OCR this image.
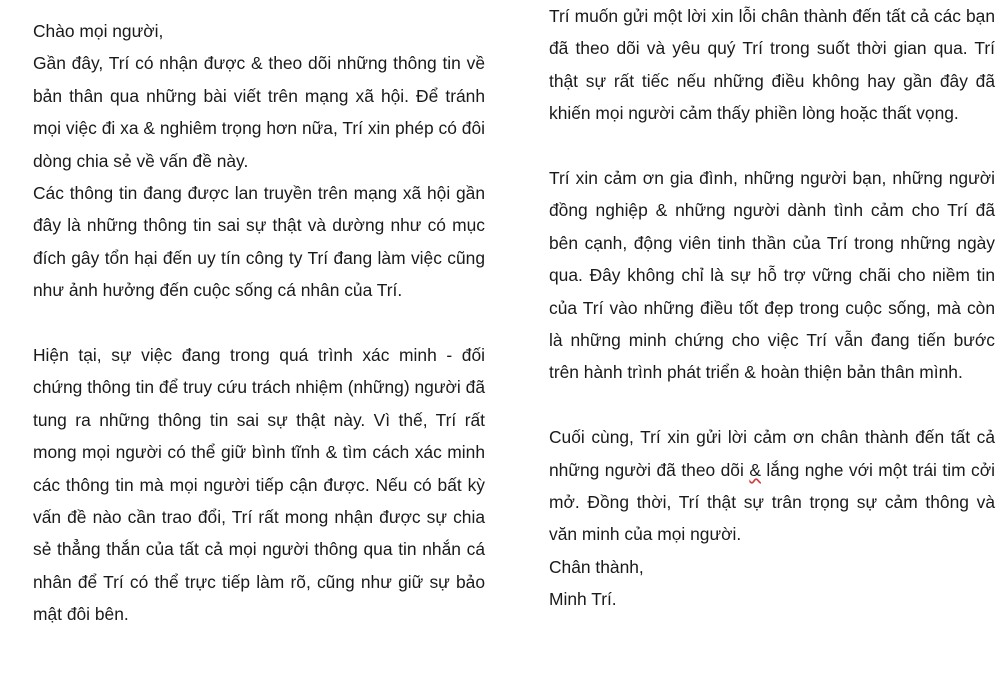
Chào mọi người,

Gần đây, Trí có nhận được & theo dõi những thông tin về bản thân qua những bài viết trên mạng xã hội. Để tránh mọi việc đi xa & nghiêm trọng hơn nữa, Trí xin phép có đôi dòng chia sẻ về vấn đề này.

Các thông tin đang được lan truyền trên mạng xã hội gần đây là những thông tin sai sự thật và dường như có mục đích gây tổn hại đến uy tín công ty Trí đang làm việc cũng như ảnh hưởng đến cuộc sống cá nhân của Trí.

Hiện tại, sự việc đang trong quá trình xác minh - đối chứng thông tin để truy cứu trách nhiệm (những) người đã tung ra những thông tin sai sự thật này. Vì thế, Trí rất mong mọi người có thể giữ bình tĩnh & tìm cách xác minh các thông tin mà mọi người tiếp cận được. Nếu có bất kỳ vấn đề nào cần trao đổi, Trí rất mong nhận được sự chia sẻ thẳng thắn của tất cả mọi người thông qua tin nhắn cá nhân để Trí có thể trực tiếp làm rõ, cũng như giữ sự bảo mật đôi bên.

Trí muốn gửi một lời xin lỗi chân thành đến tất cả các bạn đã theo dõi và yêu quý Trí trong suốt thời gian qua. Trí thật sự rất tiếc nếu những điều không hay gần đây đã khiến mọi người cảm thấy phiền lòng hoặc thất vọng.

Trí xin cảm ơn gia đình, những người bạn, những người đồng nghiệp & những người dành tình cảm cho Trí đã bên cạnh, động viên tinh thần của Trí trong những ngày qua. Đây không chỉ là sự hỗ trợ vững chãi cho niềm tin của Trí vào những điều tốt đẹp trong cuộc sống, mà còn là những minh chứng cho việc Trí vẫn đang tiến bước trên hành trình phát triển & hoàn thiện bản thân mình.

Cuối cùng, Trí xin gửi lời cảm ơn chân thành đến tất cả những người đã theo dõi & lắng nghe với một trái tim cởi mở. Đồng thời, Trí thật sự trân trọng sự cảm thông và văn minh của mọi người.

Chân thành,

Minh Trí.
